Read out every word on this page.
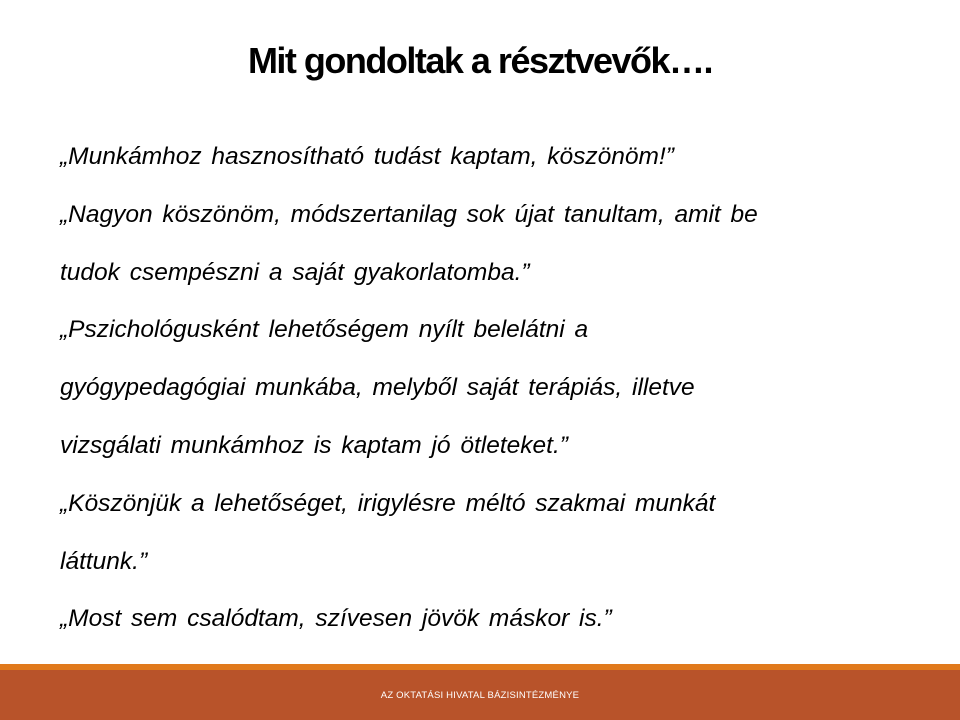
Mit gondoltak a résztvevők….
„Munkámhoz hasznosítható tudást kaptam, köszönöm!”
„Nagyon köszönöm, módszertanilag sok újat tanultam, amit be
tudok csempészni a saját gyakorlatomba.”
„Pszichológusként lehetőségem nyílt belelátni a
gyógypedagógiai munkába, melyből saját terápiás, illetve
vizsgálati munkámhoz is kaptam jó ötleteket.”
„Köszönjük a lehetőséget, irigylésre méltó szakmai munkát
láttunk.”
„Most sem csalódtam, szívesen jövök máskor is.”
AZ OKTATÁSI HIVATAL BÁZISINTÉZMÉNYE
